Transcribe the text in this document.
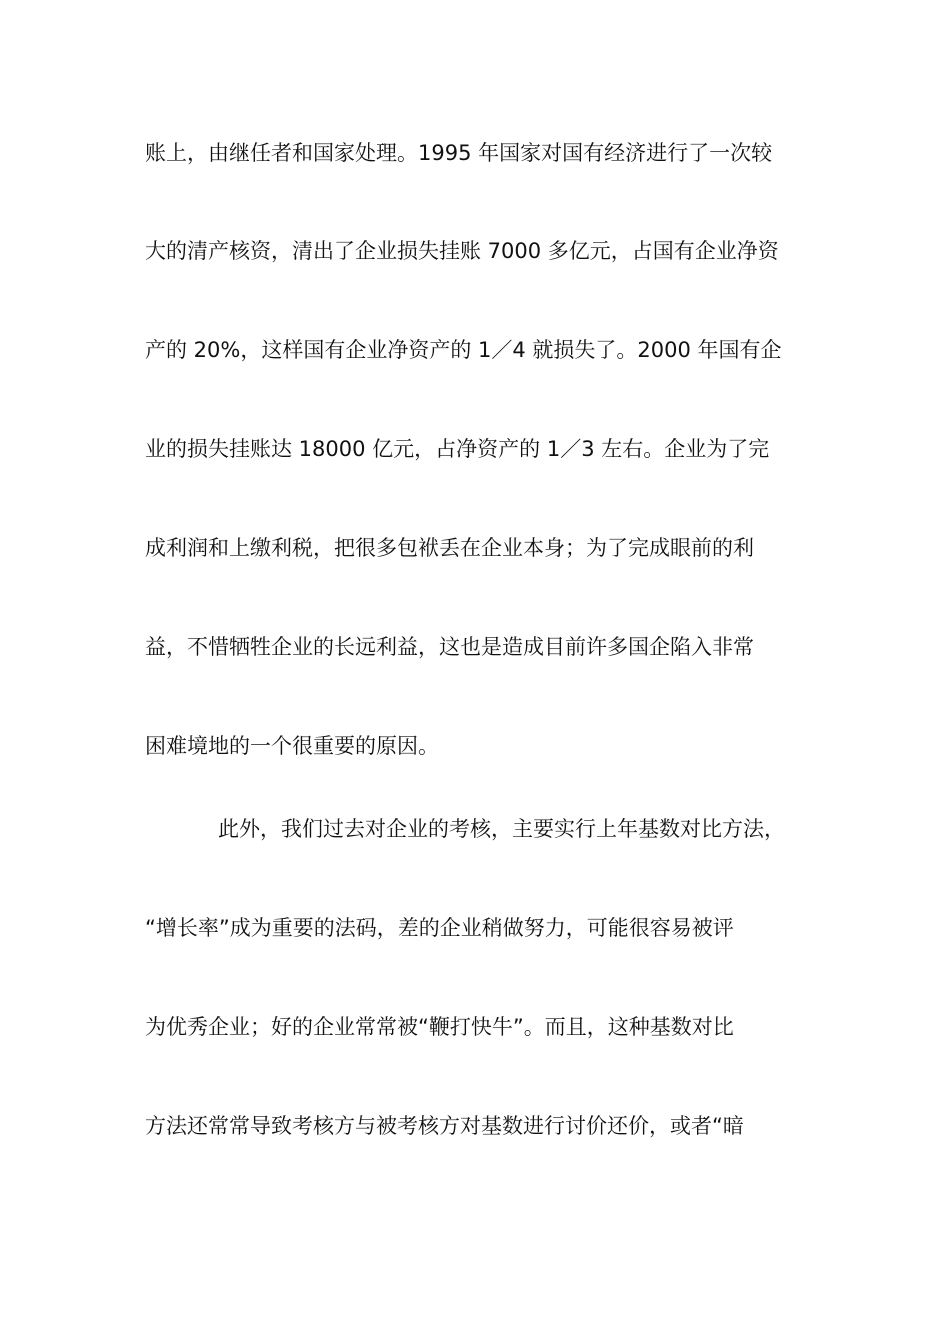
账上，由继任者和国家处理。1995 年国家对国有经济进行了一次较
大的清产核资，清出了企业损失挂账 7000 多亿元，占国有企业净资
产的 20%，这样国有企业净资产的 1／4 就损失了。2000 年国有企
业的损失挂账达 18000 亿元，占净资产的 1／3 左右。企业为了完
成利润和上缴利税，把很多包袱丢在企业本身；为了完成眼前的利
益，不惜牺牲企业的长远利益，这也是造成目前许多国企陷入非常
困难境地的一个很重要的原因。
此外，我们过去对企业的考核，主要实行上年基数对比方法，
“增长率”成为重要的法码，差的企业稍做努力，可能很容易被评
为优秀企业；好的企业常常被“鞭打快牛”。而且，这种基数对比
方法还常常导致考核方与被考核方对基数进行讨价还价，或者“暗
